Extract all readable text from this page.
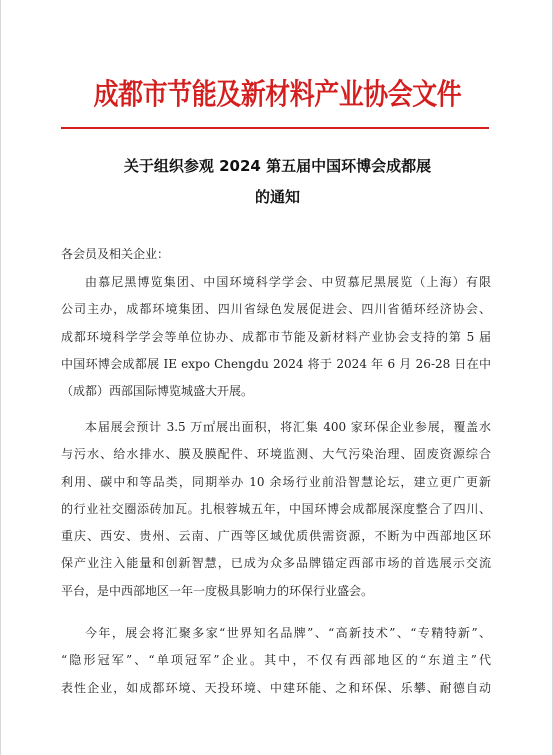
成都市节能及新材料产业协会文件
关于组织参观 2024 第五届中国环博会成都展
的通知
各会员及相关企业：
由慕尼黑博览集团、中国环境科学学会、中贸慕尼黑展览（上海）有限
公司主办，成都环境集团、四川省绿色发展促进会、四川省循环经济协会、
成都环境科学学会等单位协办、成都市节能及新材料产业协会支持的第 5 届
中国环博会成都展 IE expo Chengdu 2024 将于 2024 年 6 月 26-28 日在中
（成都）西部国际博览城盛大开展。
本届展会预计 3.5 万㎡展出面积，将汇集 400 家环保企业参展，覆盖水
与污水、给水排水、膜及膜配件、环境监测、大气污染治理、固废资源综合
利用、碳中和等品类，同期举办 10 余场行业前沿智慧论坛，建立更广更新
的行业社交圈添砖加瓦。扎根蓉城五年，中国环博会成都展深度整合了四川、
重庆、西安、贵州、云南、广西等区域优质供需资源，不断为中西部地区环
保产业注入能量和创新智慧，已成为众多品牌锚定西部市场的首选展示交流
平台，是中西部地区一年一度极具影响力的环保行业盛会。
今年，展会将汇聚多家“世界知名品牌”、“高新技术”、“专精特新”、
“隐形冠军”、“单项冠军”企业。其中，不仅有西部地区的“东道主”代
表性企业，如成都环境、天投环境、中建环能、之和环保、乐攀、耐德自动
